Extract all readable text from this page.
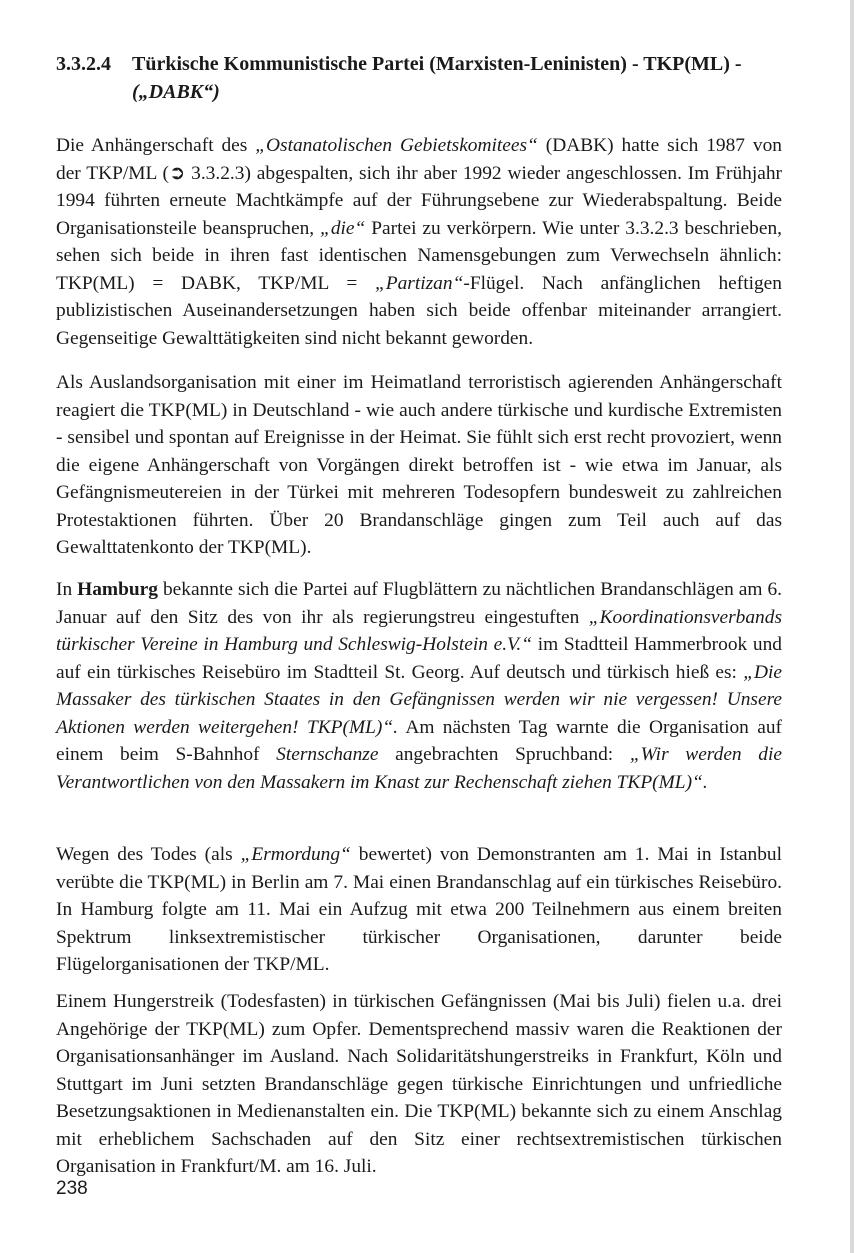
3.3.2.4 Türkische Kommunistische Partei (Marxisten-Leninisten) - TKP(ML) -
(„DABK“)

Die Anhängerschaft des „Ostanatolischen Gebietskomitees“ (DABK) hatte sich 1987 von der TKP/ML (➲ 3.3.2.3) abgespalten, sich ihr aber 1992 wieder angeschlossen. Im Frühjahr 1994 führten erneute Machtkämpfe auf der Führungsebene zur Wiederabspaltung. Beide Organisationsteile beanspruchen, „die“ Partei zu verkörpern. Wie unter 3.3.2.3 beschrieben, sehen sich beide in ihren fast identischen Namensgebungen zum Verwechseln ähnlich: TKP(ML) = DABK, TKP/ML = „Partizan“-Flügel. Nach anfänglichen heftigen publizistischen Auseinandersetzungen haben sich beide offenbar miteinander arrangiert. Gegenseitige Gewalttätigkeiten sind nicht bekannt geworden.

Als Auslandsorganisation mit einer im Heimatland terroristisch agierenden Anhängerschaft reagiert die TKP(ML) in Deutschland - wie auch andere türkische und kurdische Extremisten - sensibel und spontan auf Ereignisse in der Heimat. Sie fühlt sich erst recht provoziert, wenn die eigene Anhängerschaft von Vorgängen direkt betroffen ist - wie etwa im Januar, als Gefängnismeutereien in der Türkei mit mehreren Todesopfern bundesweit zu zahlreichen Protestaktionen führten. Über 20 Brandanschläge gingen zum Teil auch auf das Gewalttatenkonto der TKP(ML).

In Hamburg bekannte sich die Partei auf Flugblättern zu nächtlichen Brandanschlägen am 6. Januar auf den Sitz des von ihr als regierungstreu eingestuften „Koordinationsverbands türkischer Vereine in Hamburg und Schleswig-Holstein e.V.“ im Stadtteil Hammerbrook und auf ein türkisches Reisebüro im Stadtteil St. Georg. Auf deutsch und türkisch hieß es: „Die Massaker des türkischen Staates in den Gefängnissen werden wir nie vergessen! Unsere Aktionen werden weitergehen! TKP(ML)“. Am nächsten Tag warnte die Organisation auf einem beim S-Bahnhof Sternschanze angebrachten Spruchband: „Wir werden die Verantwortlichen von den Massakern im Knast zur Rechenschaft ziehen TKP(ML)“.

Wegen des Todes (als „Ermordung“ bewertet) von Demonstranten am 1. Mai in Istanbul verübte die TKP(ML) in Berlin am 7. Mai einen Brandanschlag auf ein türkisches Reisebüro. In Hamburg folgte am 11. Mai ein Aufzug mit etwa 200 Teilnehmern aus einem breiten Spektrum linksextremistischer türkischer Organisationen, darunter beide Flügelorganisationen der TKP/ML.

Einem Hungerstreik (Todesfasten) in türkischen Gefängnissen (Mai bis Juli) fielen u.a. drei Angehörige der TKP(ML) zum Opfer. Dementsprechend massiv waren die Reaktionen der Organisationsanhänger im Ausland. Nach Solidaritätshungerstreiks in Frankfurt, Köln und Stuttgart im Juni setzten Brandanschläge gegen türkische Einrichtungen und unfriedliche Besetzungsaktionen in Medienanstalten ein. Die TKP(ML) bekannte sich zu einem Anschlag mit erheblichem Sachschaden auf den Sitz einer rechtsextremistischen türkischen Organisation in Frankfurt/M. am 16. Juli.

238
